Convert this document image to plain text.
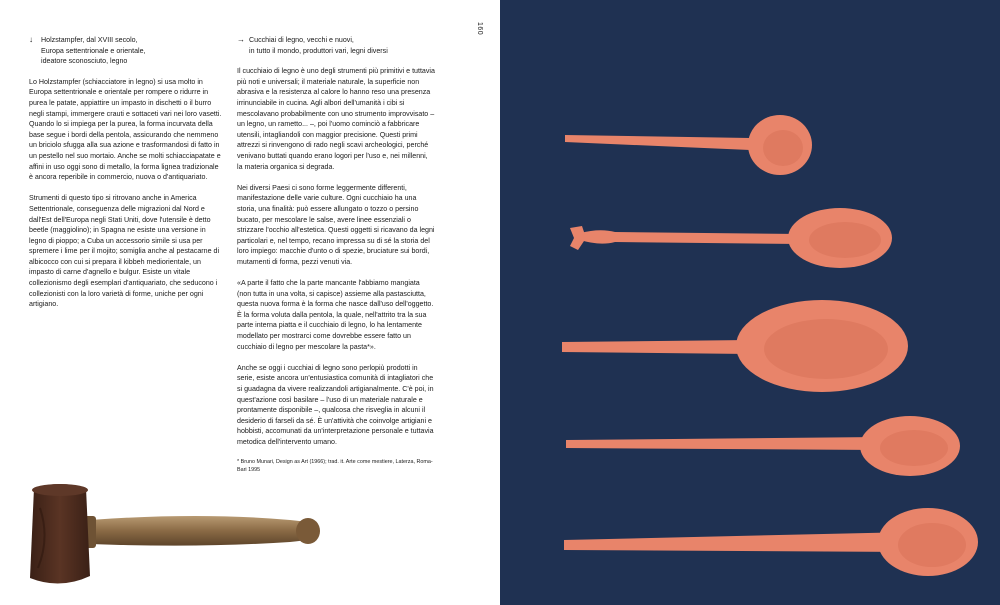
↓	Holzstampfer, dal XVIII secolo,
Europa settentrionale e orientale,
ideatore sconosciuto, legno

Lo Holzstampfer (schiacciatore in legno) si usa molto in Europa settentrionale e orientale per rompere o ridurre in purea le patate, appiattire un impasto in dischetti o il burro negli stampi, immergere crauti e sottaceti vari nei loro vasetti. Quando lo si impiega per la purea, la forma incurvata della base segue i bordi della pentola, assicurando che nemmeno un briciolo sfugga alla sua azione e trasformandosi di fatto in un pestello nel suo mortaio. Anche se molti schiacciapatate e affini in uso oggi sono di metallo, la forma lignea tradizionale è ancora reperibile in commercio, nuova o d'antiquariato.

Strumenti di questo tipo si ritrovano anche in America Settentrionale, conseguenza delle migrazioni dal Nord e dall'Est dell'Europa negli Stati Uniti, dove l'utensile è detto beetle (maggiolino); in Spagna ne esiste una versione in legno di pioppo; a Cuba un accessorio simile si usa per spremere i lime per il mojito; somiglia anche al pestacarne di albicocco con cui si prepara il kibbeh mediorientale, un impasto di carne d'agnello e bulgur. Esiste un vitale collezionismo degli esemplari d'antiquariato, che seducono i collezionisti con la loro varietà di forme, uniche per ogni artigiano.

→ Cucchiai di legno, vecchi e nuovi,
in tutto il mondo, produttori vari, legni diversi

Il cucchiaio di legno è uno degli strumenti più primitivi e tuttavia più noti e universali; il materiale naturale, la superficie non abrasiva e la resistenza al calore lo hanno reso una presenza irrinunciabile in cucina. Agli albori dell'umanità i cibi si mescolavano probabilmente con uno strumento improvvisato – un legno, un rametto... –, poi l'uomo cominciò a fabbricare utensili, intagliandoli con maggior precisione. Questi primi attrezzi si rinvengono di rado negli scavi archeologici, perché venivano buttati quando erano logori per l'uso e, nei millenni, la materia organica si degrada.

Nei diversi Paesi ci sono forme leggermente differenti, manifestazione delle varie culture. Ogni cucchiaio ha una storia, una finalità: può essere allungato o tozzo o persino bucato, per mescolare le salse, avere linee essenziali o strizzare l'occhio all'estetica. Questi oggetti si ricavano da legni particolari e, nel tempo, recano impressa su di sé la storia del loro impiego: macchie d'unto o di spezie, bruciature sui bordi, mutamenti di forma, pezzi venuti via.

«A parte il fatto che la parte mancante l'abbiamo mangiata (non tutta in una volta, si capisce) assieme alla pastasciutta, questa nuova forma è la forma che nasce dall'uso dell'oggetto. È la forma voluta dalla pentola, la quale, nell'attrito tra la sua parte interna piatta e il cucchiaio di legno, lo ha lentamente modellato per mostrarci come dovrebbe essere fatto un cucchiaio di legno per mescolare la pasta*».

Anche se oggi i cucchiai di legno sono perlopiù prodotti in serie, esiste ancora un'entusiastica comunità di intagliatori che si guadagna da vivere realizzandoli artigianalmente. C'è poi, in quest'azione così basilare – l'uso di un materiale naturale e prontamente disponibile –, qualcosa che risveglia in alcuni il desiderio di farseli da sé. È un'attività che coinvolge artigiani e hobbisti, accomunati da un'interpretazione personale e tuttavia metodica dell'intervento umano.

* Bruno Munari, Design as Art (1966); trad. it. Arte come mestiere, Laterza, Roma-Bari 1995
160
